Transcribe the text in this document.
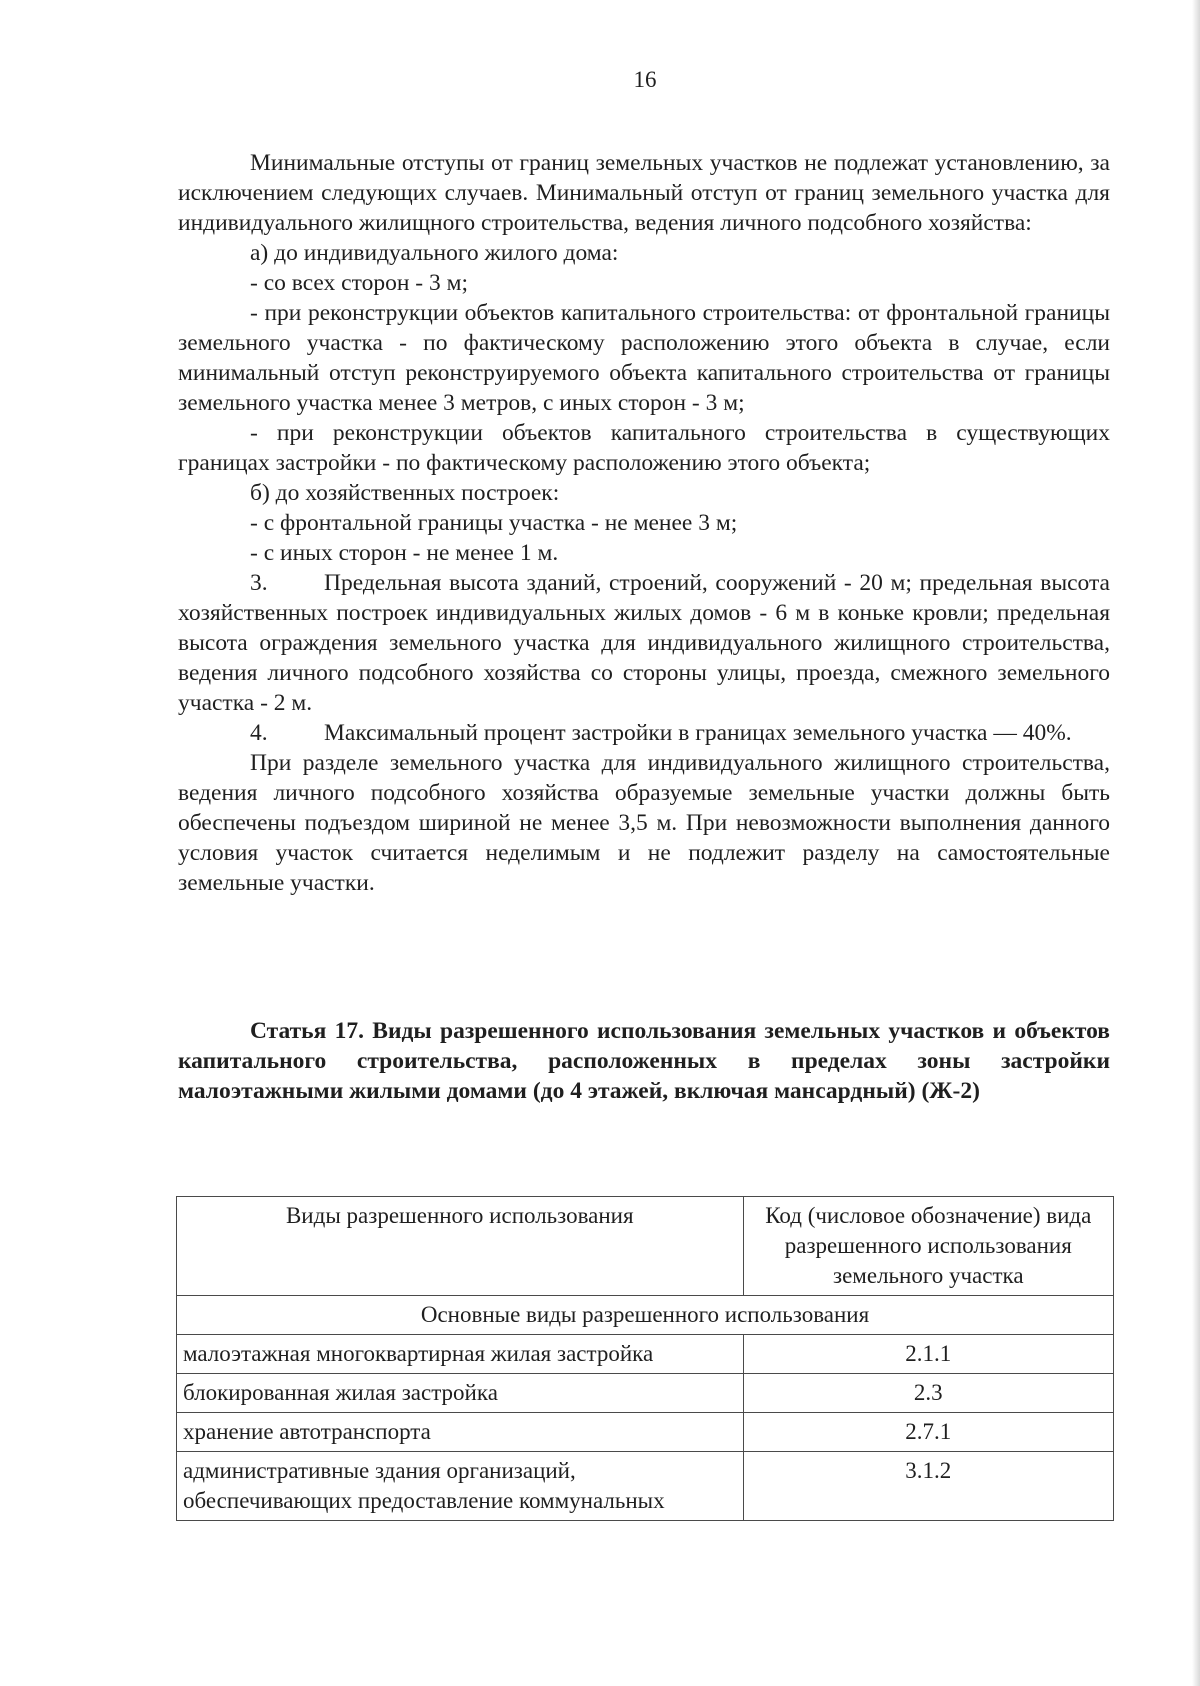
16

Минимальные отступы от границ земельных участков не подлежат установлению, за исключением следующих случаев. Минимальный отступ от границ земельного участка для индивидуального жилищного строительства, ведения личного подсобного хозяйства:

а) до индивидуального жилого дома:

- со всех сторон - 3 м;

- при реконструкции объектов капитального строительства: от фронтальной границы земельного участка - по фактическому расположению этого объекта в случае, если минимальный отступ реконструируемого объекта капитального строительства от границы земельного участка менее 3 метров, с иных сторон - 3 м;

- при реконструкции объектов капитального строительства в существующих границах застройки - по фактическому расположению этого объекта;

б) до хозяйственных построек:

- с фронтальной границы участка - не менее 3 м;

- с иных сторон - не менее 1 м.

3. Предельная высота зданий, строений, сооружений - 20 м; предельная высота хозяйственных построек индивидуальных жилых домов - 6 м в коньке кровли; предельная высота ограждения земельного участка для индивидуального жилищного строительства, ведения личного подсобного хозяйства со стороны улицы, проезда, смежного земельного участка - 2 м.

4. Максимальный процент застройки в границах земельного участка — 40%.

При разделе земельного участка для индивидуального жилищного строительства, ведения личного подсобного хозяйства образуемые земельные участки должны быть обеспечены подъездом шириной не менее 3,5 м. При невозможности выполнения данного условия участок считается неделимым и не подлежит разделу на самостоятельные земельные участки.

Статья 17. Виды разрешенного использования земельных участков и объектов капитального строительства, расположенных в пределах зоны застройки малоэтажными жилыми домами (до 4 этажей, включая мансардный) (Ж-2)

Виды разрешенного использования	Код (числовое обозначение) вида разрешенного использования земельного участка
Основные виды разрешенного использования	
малоэтажная многоквартирная жилая застройка	2.1.1
блокированная жилая застройка	2.3
хранение автотранспорта	2.7.1
административные здания организаций, обеспечивающих предоставление коммунальных	3.1.2
